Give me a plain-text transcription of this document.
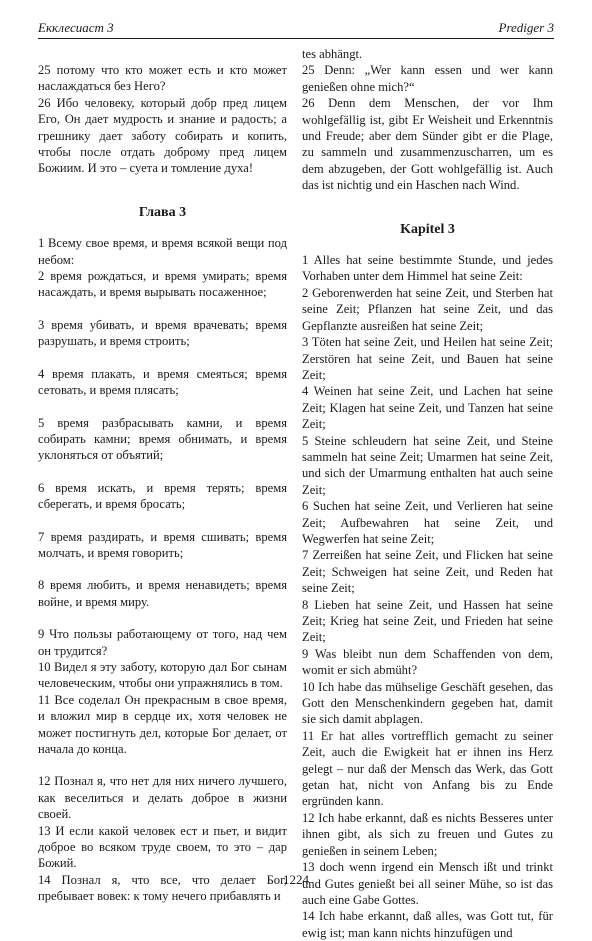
Екклесиаст 3	Prediger 3

25 потому что кто может есть и кто может наслаждаться без Него?

26 Ибо человеку, который добр пред лицем Его, Он дает мудрость и знание и радость; а грешнику дает заботу собирать и копить, чтобы после отдать доброму пред лицем Божиим. И это – суета и томление духа!

Глава 3

1 Всему свое время, и время всякой вещи под небом:

2 время рождаться, и время умирать; время насаждать, и время вырывать посаженное;

3 время убивать, и время врачевать; время разрушать, и время строить;

4 время плакать, и время смеяться; время сетовать, и время плясать;

5 время разбрасывать камни, и время собирать камни; время обнимать, и время уклоняться от объятий;

6 время искать, и время терять; время сберегать, и время бросать;

7 время раздирать, и время сшивать; время молчать, и время говорить;

8 время любить, и время ненавидеть; время войне, и время миру.

9 Что пользы работающему от того, над чем он трудится?

10 Видел я эту заботу, которую дал Бог сынам человеческим, чтобы они упражнялись в том.

11 Все соделал Он прекрасным в свое время, и вложил мир в сердце их, хотя человек не может постигнуть дел, которые Бог делает, от начала до конца.

12 Познал я, что нет для них ничего лучшего, как веселиться и делать доброе в жизни своей.

13 И если какой человек ест и пьет, и видит доброе во всяком труде своем, то это – дар Божий.

14 Познал я, что все, что делает Бог, пребывает вовек: к тому нечего прибавлять и

tes abhängt.

25 Denn: „Wer kann essen und wer kann genießen ohne mich?“

26 Denn dem Menschen, der vor Ihm wohlgefällig ist, gibt Er Weisheit und Erkenntnis und Freude; aber dem Sünder gibt er die Plage, zu sammeln und zusammenzuscharren, um es dem abzugeben, der Gott wohlgefällig ist. Auch das ist nichtig und ein Haschen nach Wind.

Kapitel 3

1 Alles hat seine bestimmte Stunde, und jedes Vorhaben unter dem Himmel hat seine Zeit:

2 Geborenwerden hat seine Zeit, und Sterben hat seine Zeit; Pflanzen hat seine Zeit, und das Gepflanzte ausreißen hat seine Zeit;

3 Töten hat seine Zeit, und Heilen hat seine Zeit; Zerstören hat seine Zeit, und Bauen hat seine Zeit;

4 Weinen hat seine Zeit, und Lachen hat seine Zeit; Klagen hat seine Zeit, und Tanzen hat seine Zeit;

5 Steine schleudern hat seine Zeit, und Steine sammeln hat seine Zeit; Umarmen hat seine Zeit, und sich der Umarmung enthalten hat auch seine Zeit;

6 Suchen hat seine Zeit, und Verlieren hat seine Zeit; Aufbewahren hat seine Zeit, und Wegwerfen hat seine Zeit;

7 Zerreißen hat seine Zeit, und Flicken hat seine Zeit; Schweigen hat seine Zeit, und Reden hat seine Zeit;

8 Lieben hat seine Zeit, und Hassen hat seine Zeit; Krieg hat seine Zeit, und Frieden hat seine Zeit;

9 Was bleibt nun dem Schaffenden von dem, womit er sich abmüht?

10 Ich habe das mühselige Geschäft gesehen, das Gott den Menschenkindern gegeben hat, damit sie sich damit abplagen.

11 Er hat alles vortrefflich gemacht zu seiner Zeit, auch die Ewigkeit hat er ihnen ins Herz gelegt – nur daß der Mensch das Werk, das Gott getan hat, nicht von Anfang bis zu Ende ergründen kann.

12 Ich habe erkannt, daß es nichts Besseres unter ihnen gibt, als sich zu freuen und Gutes zu genießen in seinem Leben;

13 doch wenn irgend ein Mensch ißt und trinkt und Gutes genießt bei all seiner Mühe, so ist das auch eine Gabe Gottes.

14 Ich habe erkannt, daß alles, was Gott tut, für ewig ist; man kann nichts hinzufügen und

1224
